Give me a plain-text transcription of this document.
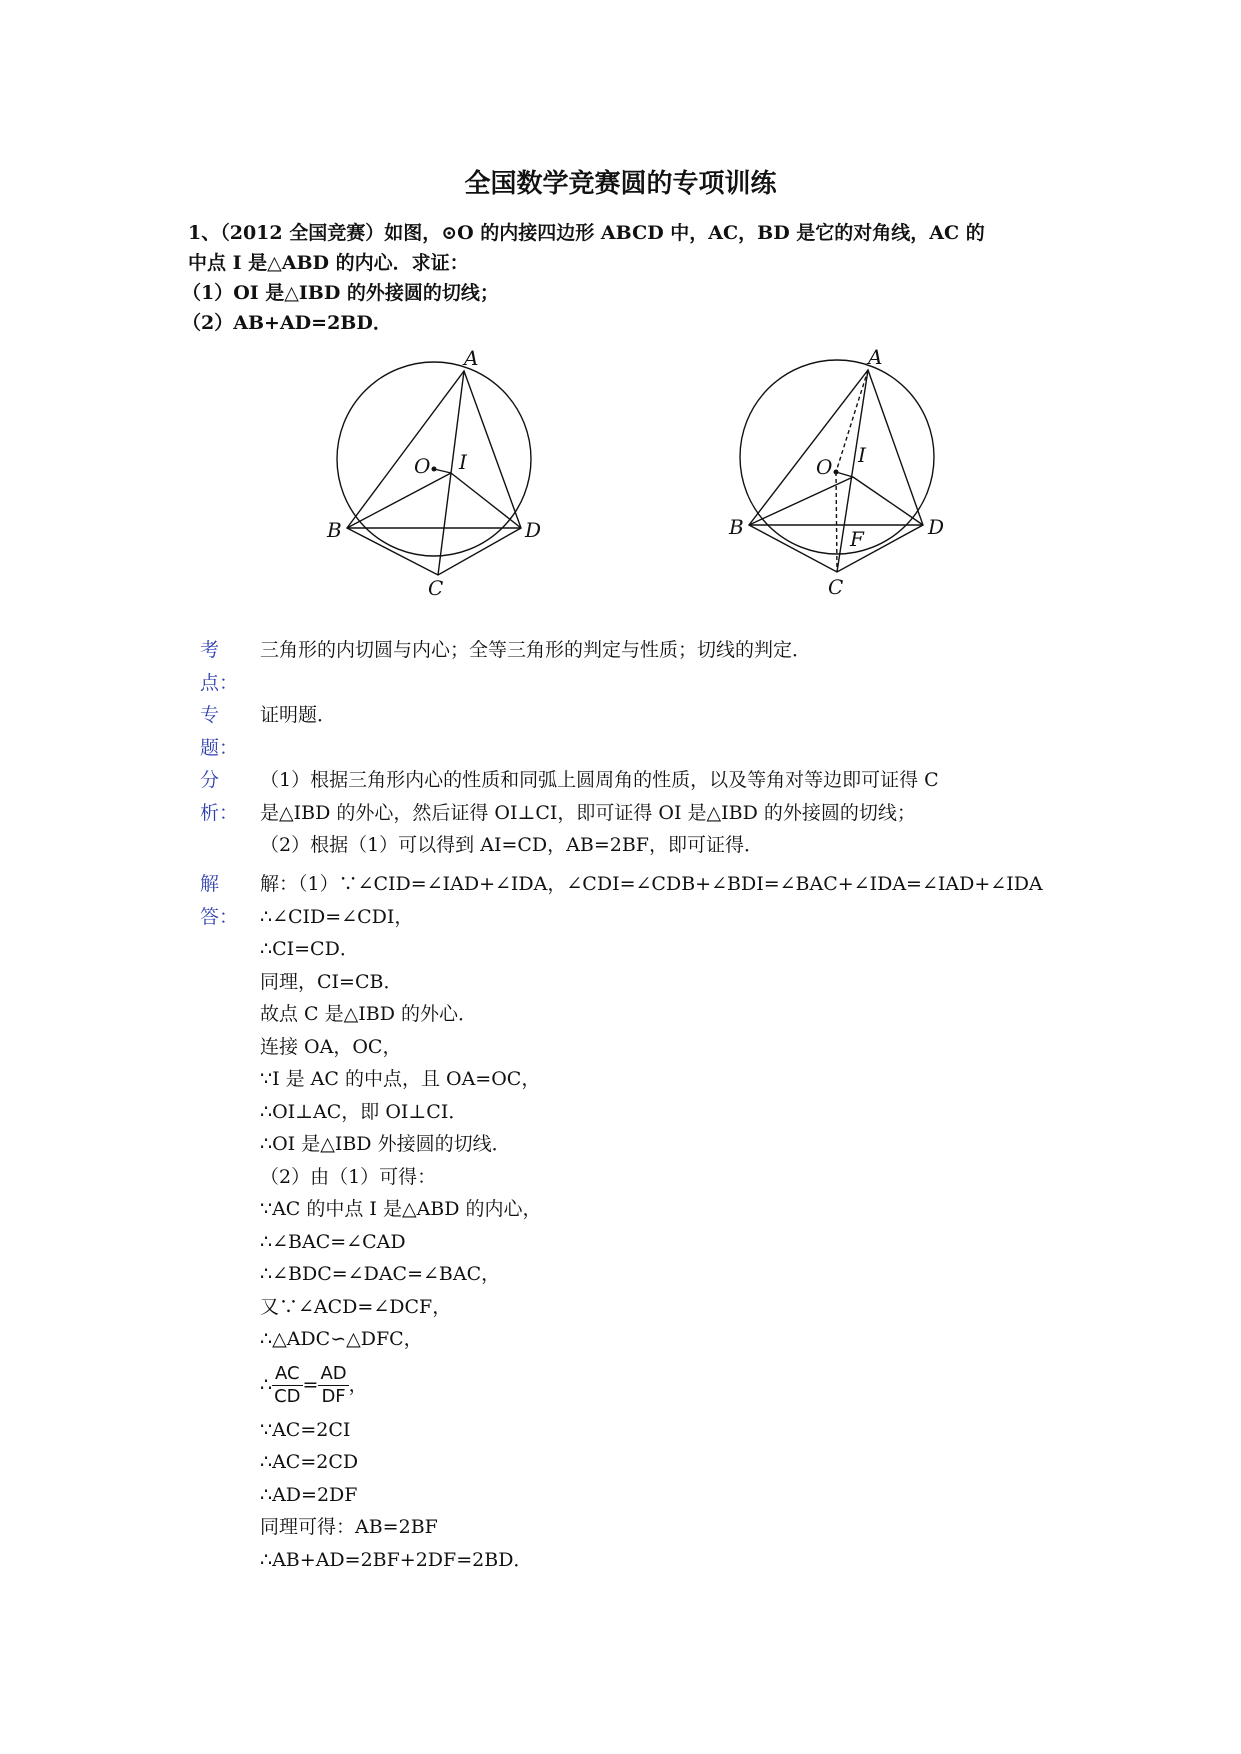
全国数学竞赛圆的专项训练

1、（2012 全国竞赛）如图，⊙O 的内接四边形 ABCD 中，AC，BD 是它的对角线，AC 的

中点 I 是△ABD 的内心．求证：

（1）OI 是△IBD 的外接圆的切线；

（2）AB+AD=2BD．

A
B
C
D
O I
A
B
C
D
O I
F
考
点：
三角形的内切圆与内心；全等三角形的判定与性质；切线的判定．
专
题：
证明题．
分
析：
（1）根据三角形内心的性质和同弧上圆周角的性质，以及等角对等边即可证得 C
是△IBD 的外心，然后证得 OI⊥CI，即可证得 OI 是△IBD 的外接圆的切线；
（2）根据（1）可以得到 AI=CD，AB=2BF，即可证得．
解
答：
解：（1）∵∠CID=∠IAD+∠IDA，∠CDI=∠CDB+∠BDI=∠BAC+∠IDA=∠IAD+∠IDA
∴∠CID=∠CDI，
∴CI=CD．
同理，CI=CB．
故点 C 是△IBD 的外心．
连接 OA，OC，
∵I 是 AC 的中点，且 OA=OC，
∴OI⊥AC，即 OI⊥CI．
∴OI 是△IBD 外接圆的切线．
（2）由（1）可得：
∵AC 的中点 I 是△ABD 的内心，
∴∠BAC=∠CAD
∴∠BDC=∠DAC=∠BAC，
又∵∠ACD=∠DCF，
∴△ADC∽△DFC，
∴ $\frac{AC}{CD} = \frac{AD}{DF}$ ，
∵AC=2CI
∴AC=2CD
∴AD=2DF
同理可得：AB=2BF
∴AB+AD=2BF+2DF=2BD．
